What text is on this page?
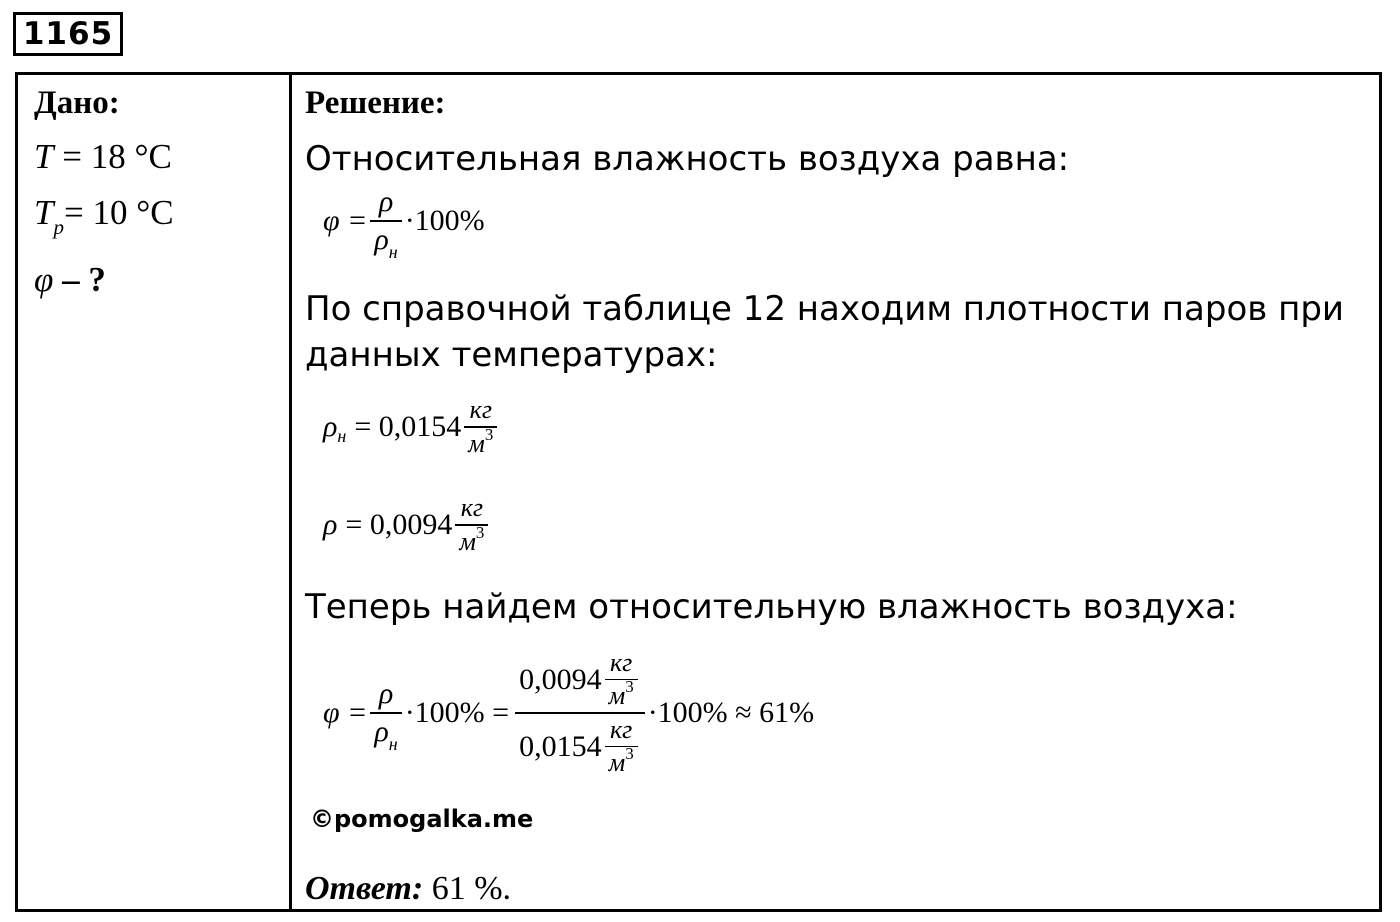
1165
Дано:
T = 18 °C
$T_р= 10$ °C
φ – ?
Решение:
Относительная влажность воздуха равна:
$\varphi = \frac{\rho}{\rho_н} \cdot 100\%$
По справочной таблице 12 находим плотности паров при
данных температурах:
ρ $н = 0,0154 \frac{кг}{м^3}$
$\rho = 0,0094 \frac{кг}{м^3}$
Теперь найдем относительную влажность воздуха:
$\varphi = \frac{\rho}{\rho_н} \cdot 100\% = \frac{0,0094 \frac{кг}{м^3}}{0,0154 \frac{кг}{м^3}} \cdot 100\% \approx 61\%$
©pomogalka.me
Ответ: 61 %.
